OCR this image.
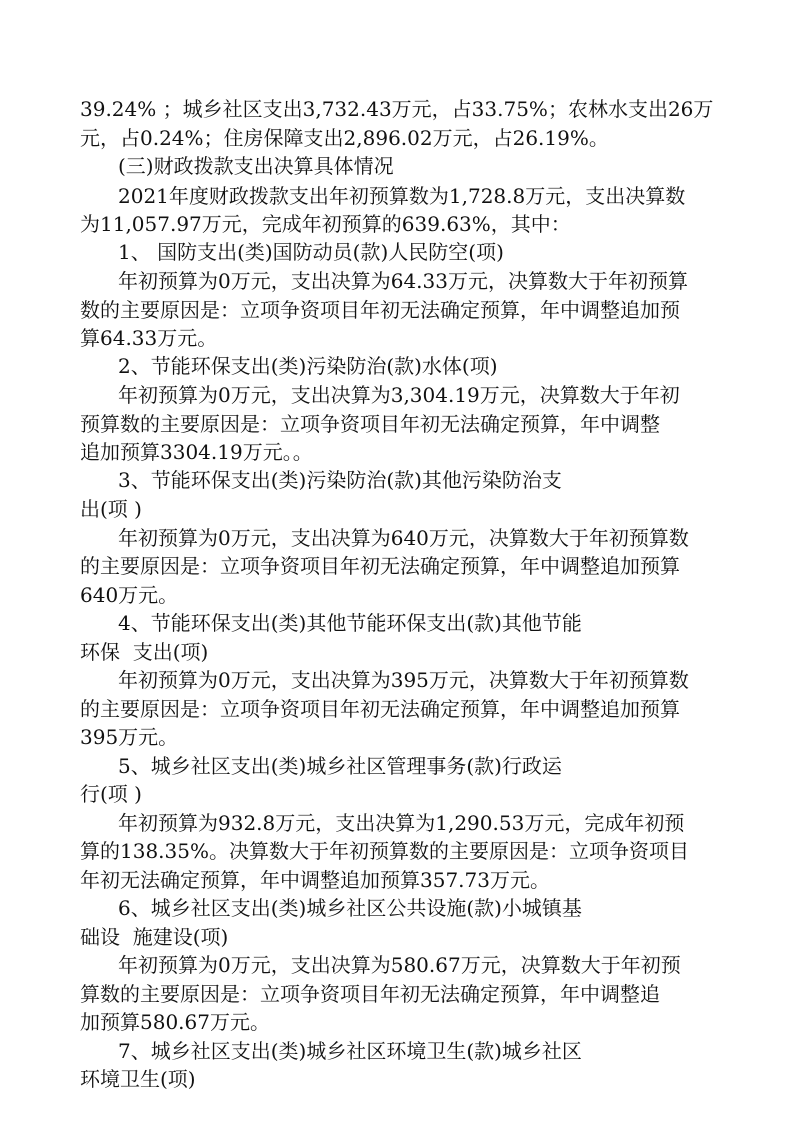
39.24% ；城乡社区支出3,732.43万元，占33.75%；农林水支出26万

元，占0.24%；住房保障支出2,896.02万元，占26.19%。

(三)财政拨款支出决算具体情况

2021年度财政拨款支出年初预算数为1,728.8万元，支出决算数

为11,057.97万元，完成年初预算的639.63%，其中：

1、 国防支出(类)国防动员(款)人民防空(项)

年初预算为0万元，支出决算为64.33万元，决算数大于年初预算

数的主要原因是：立项争资项目年初无法确定预算，年中调整追加预

算64.33万元。

2、节能环保支出(类)污染防治(款)水体(项)

年初预算为0万元，支出决算为3,304.19万元，决算数大于年初

预算数的主要原因是：立项争资项目年初无法确定预算，年中调整

追加预算3304.19万元。。

3、节能环保支出(类)污染防治(款)其他污染防治支

出(项 )

年初预算为0万元，支出决算为640万元，决算数大于年初预算数

的主要原因是：立项争资项目年初无法确定预算，年中调整追加预算

640万元。

4、节能环保支出(类)其他节能环保支出(款)其他节能

环保  支出(项)

年初预算为0万元，支出决算为395万元，决算数大于年初预算数

的主要原因是：立项争资项目年初无法确定预算，年中调整追加预算

395万元。

5、城乡社区支出(类)城乡社区管理事务(款)行政运

行(项 )

年初预算为932.8万元，支出决算为1,290.53万元，完成年初预

算的138.35%。决算数大于年初预算数的主要原因是：立项争资项目

年初无法确定预算，年中调整追加预算357.73万元。

6、城乡社区支出(类)城乡社区公共设施(款)小城镇基

础设  施建设(项)

年初预算为0万元，支出决算为580.67万元，决算数大于年初预

算数的主要原因是：立项争资项目年初无法确定预算，年中调整追

加预算580.67万元。

7、城乡社区支出(类)城乡社区环境卫生(款)城乡社区

环境卫生(项)
